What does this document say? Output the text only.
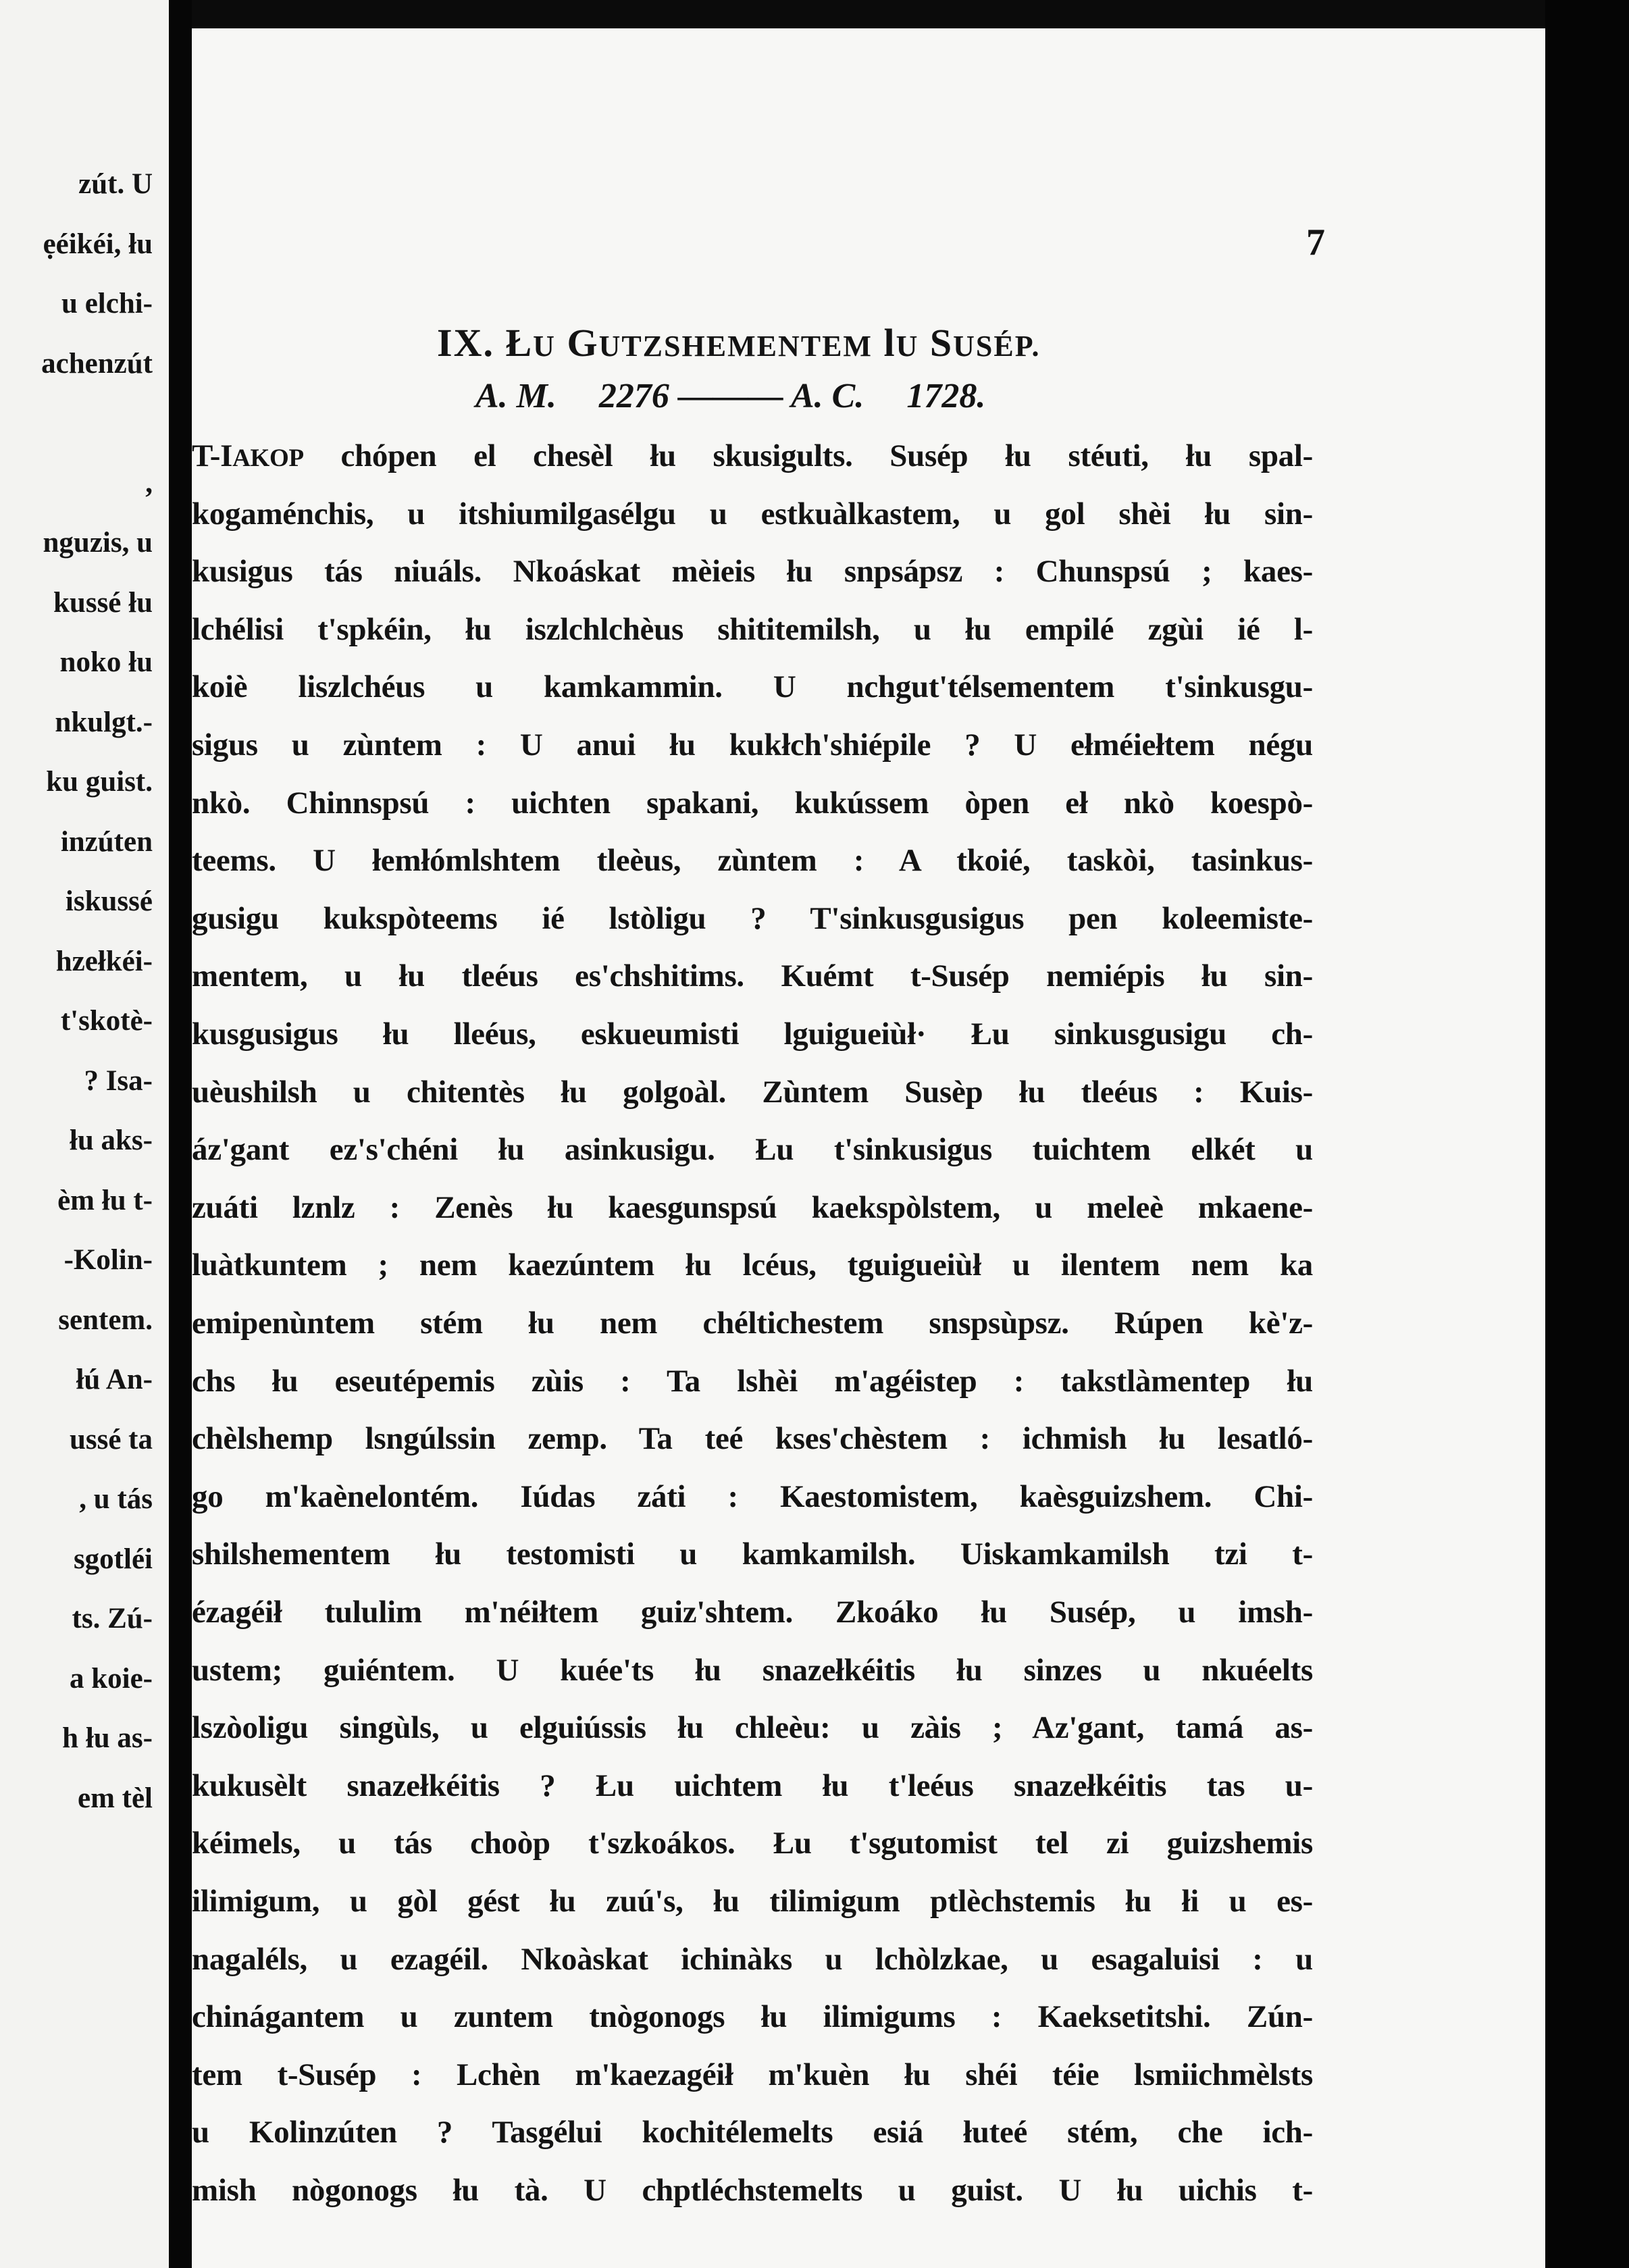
zút. U
ẹéikéi, łu
u elchi-
achenzút
,
nguzis, u
kussé łu
noko łu
nkulgt.-
ku guist.
inzúten
iskussé
hzełkéi-
t'skotè-
? Isa-
łu aks-
èm łu t-
-Kolin-
sentem.
łú An-
ussé ta
, u tás
sgotléi
ts. Zú-
a koie-
h łu as-
em tèl
7
IX. ŁU GUTZSHEMENTEM lU SUSÉP.
A. M. 2276 ——— A. C. 1728.
T-IAKOP chópen el chesèl łu skusigults. Susép łu stéuti, łu spal-
kogaménchis, u itshiumilgasélgu u estkuàlkastem, u gol shèi łu sin-
kusigus tás niuáls. Nkoáskat mèieis łu snpsápsz : Chunspsú ; kaes-
lchélisi t'spkéin, łu iszlchlchèus shititemilsh, u łu empilé zgùi ié l-
koiè liszlchéus u kamkammin. U nchgut'télsementem t'sinkusgu-
sigus u zùntem : U anui łu kukłch'shiépile ? U ełméiełtem négu
nkò. Chinnspsú : uichten spakani, kukússem òpen eł nkò koespò-
teems. U łemłómlshtem tleèus, zùntem : A tkoié, taskòi, tasinkus-
gusigu kukspòteems ié lstòligu ? T'sinkusgusigus pen koleemiste-
mentem, u łu tleéus es'chshitims. Kuémt t-Susép nemiépis łu sin-
kusgusigus łu lleéus, eskueumisti lguigueiùł· Łu sinkusgusigu ch-
uèushilsh u chitentès łu golgoàl. Zùntem Susèp łu tleéus : Kuis-
áz'gant ez's'chéni łu asinkusigu. Łu t'sinkusigus tuichtem elkét u
zuáti lznlz : Zenès łu kaesgunspsú kaekspòlstem, u meleè mkaene-
luàtkuntem ; nem kaezúntem łu lcéus, tguigueiùł u ilentem nem ka
emipenùntem stém łu nem chéltichestem snspsùpsz. Rúpen kè'z-
chs łu eseutépemis zùis : Ta lshèi m'agéistep : takstlàmentep łu
chèlshemp lsngúlssin zemp. Ta teé kses'chèstem : ichmish łu lesatló-
go m'kaènelontém. Iúdas záti : Kaestomistem, kaèsguizshem. Chi-
shilshementem łu testomisti u kamkamilsh. Uiskamkamilsh tzi t-
ézagéił tululim m'néiłtem guiz'shtem. Zkoáko łu Susép, u imsh-
ustem; guiéntem. U kuée'ts łu snazełkéitis łu sinzes u nkuéelts
lszòoligu singùls, u elguiússis łu chleèu: u zàis ; Az'gant, tamá as-
kukusèlt snazełkéitis ? Łu uichtem łu t'leéus snazełkéitis tas u-
kéimels, u tás choòp t'szkoákos. Łu t'sgutomist tel zi guizshemis
ilimigum, u gòl gést łu zuú's, łu tilimigum ptlèchstemis łu łi u es-
nagaléls, u ezagéil. Nkoàskat ichinàks u lchòlzkae, u esagaluisi : u
chinágantem u zuntem tnògonogs łu ilimigums : Kaeksetitshi. Zún-
tem t-Susép : Lchèn m'kaezagéił m'kuèn łu shéi téie lsmiichmèlsts
u Kolinzúten ? Tasgélui kochitélemelts esiá łuteé stém, che ich-
mish nògonogs łu tà. U chptléchstemelts u guist. U łu uichis t-
